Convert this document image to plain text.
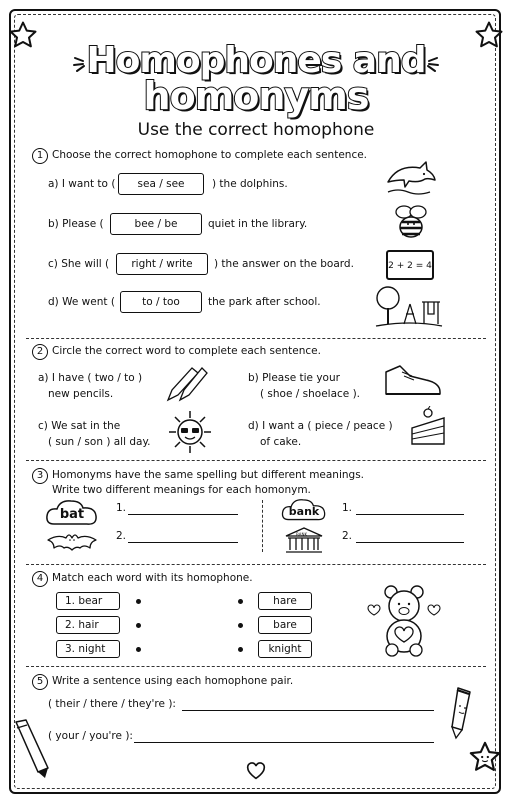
Homophones and
homonyms
Use the correct homophone
1 Choose the correct homophone to complete each sentence.
a) I want to (	sea / see	) the dolphins.
b) Please (	bee / be	quiet in the library.
c) She will (	right / write	) the answer on the board.
d) We went (	to / too	the park after school.
2 + 2 = 4
2 Circle the correct word to complete each sentence.
a) I have ( two / to )
new pencils.
b) Please tie your
( shoe / shoelace ).
c) We sat in the
( sun / son ) all day.
d) I want a ( piece / peace )
of cake.
3 Homonyms have the same spelling but different meanings.
Write two different meanings for each homonym.
bat	1.
2.
bank
BANK
1.
2.
4 Match each word with its homophone.
1. bear
2. hair
3. night
hare
bare
knight
5 Write a sentence using each homophone pair.
( their / there / they're ):
( your / you're ):
